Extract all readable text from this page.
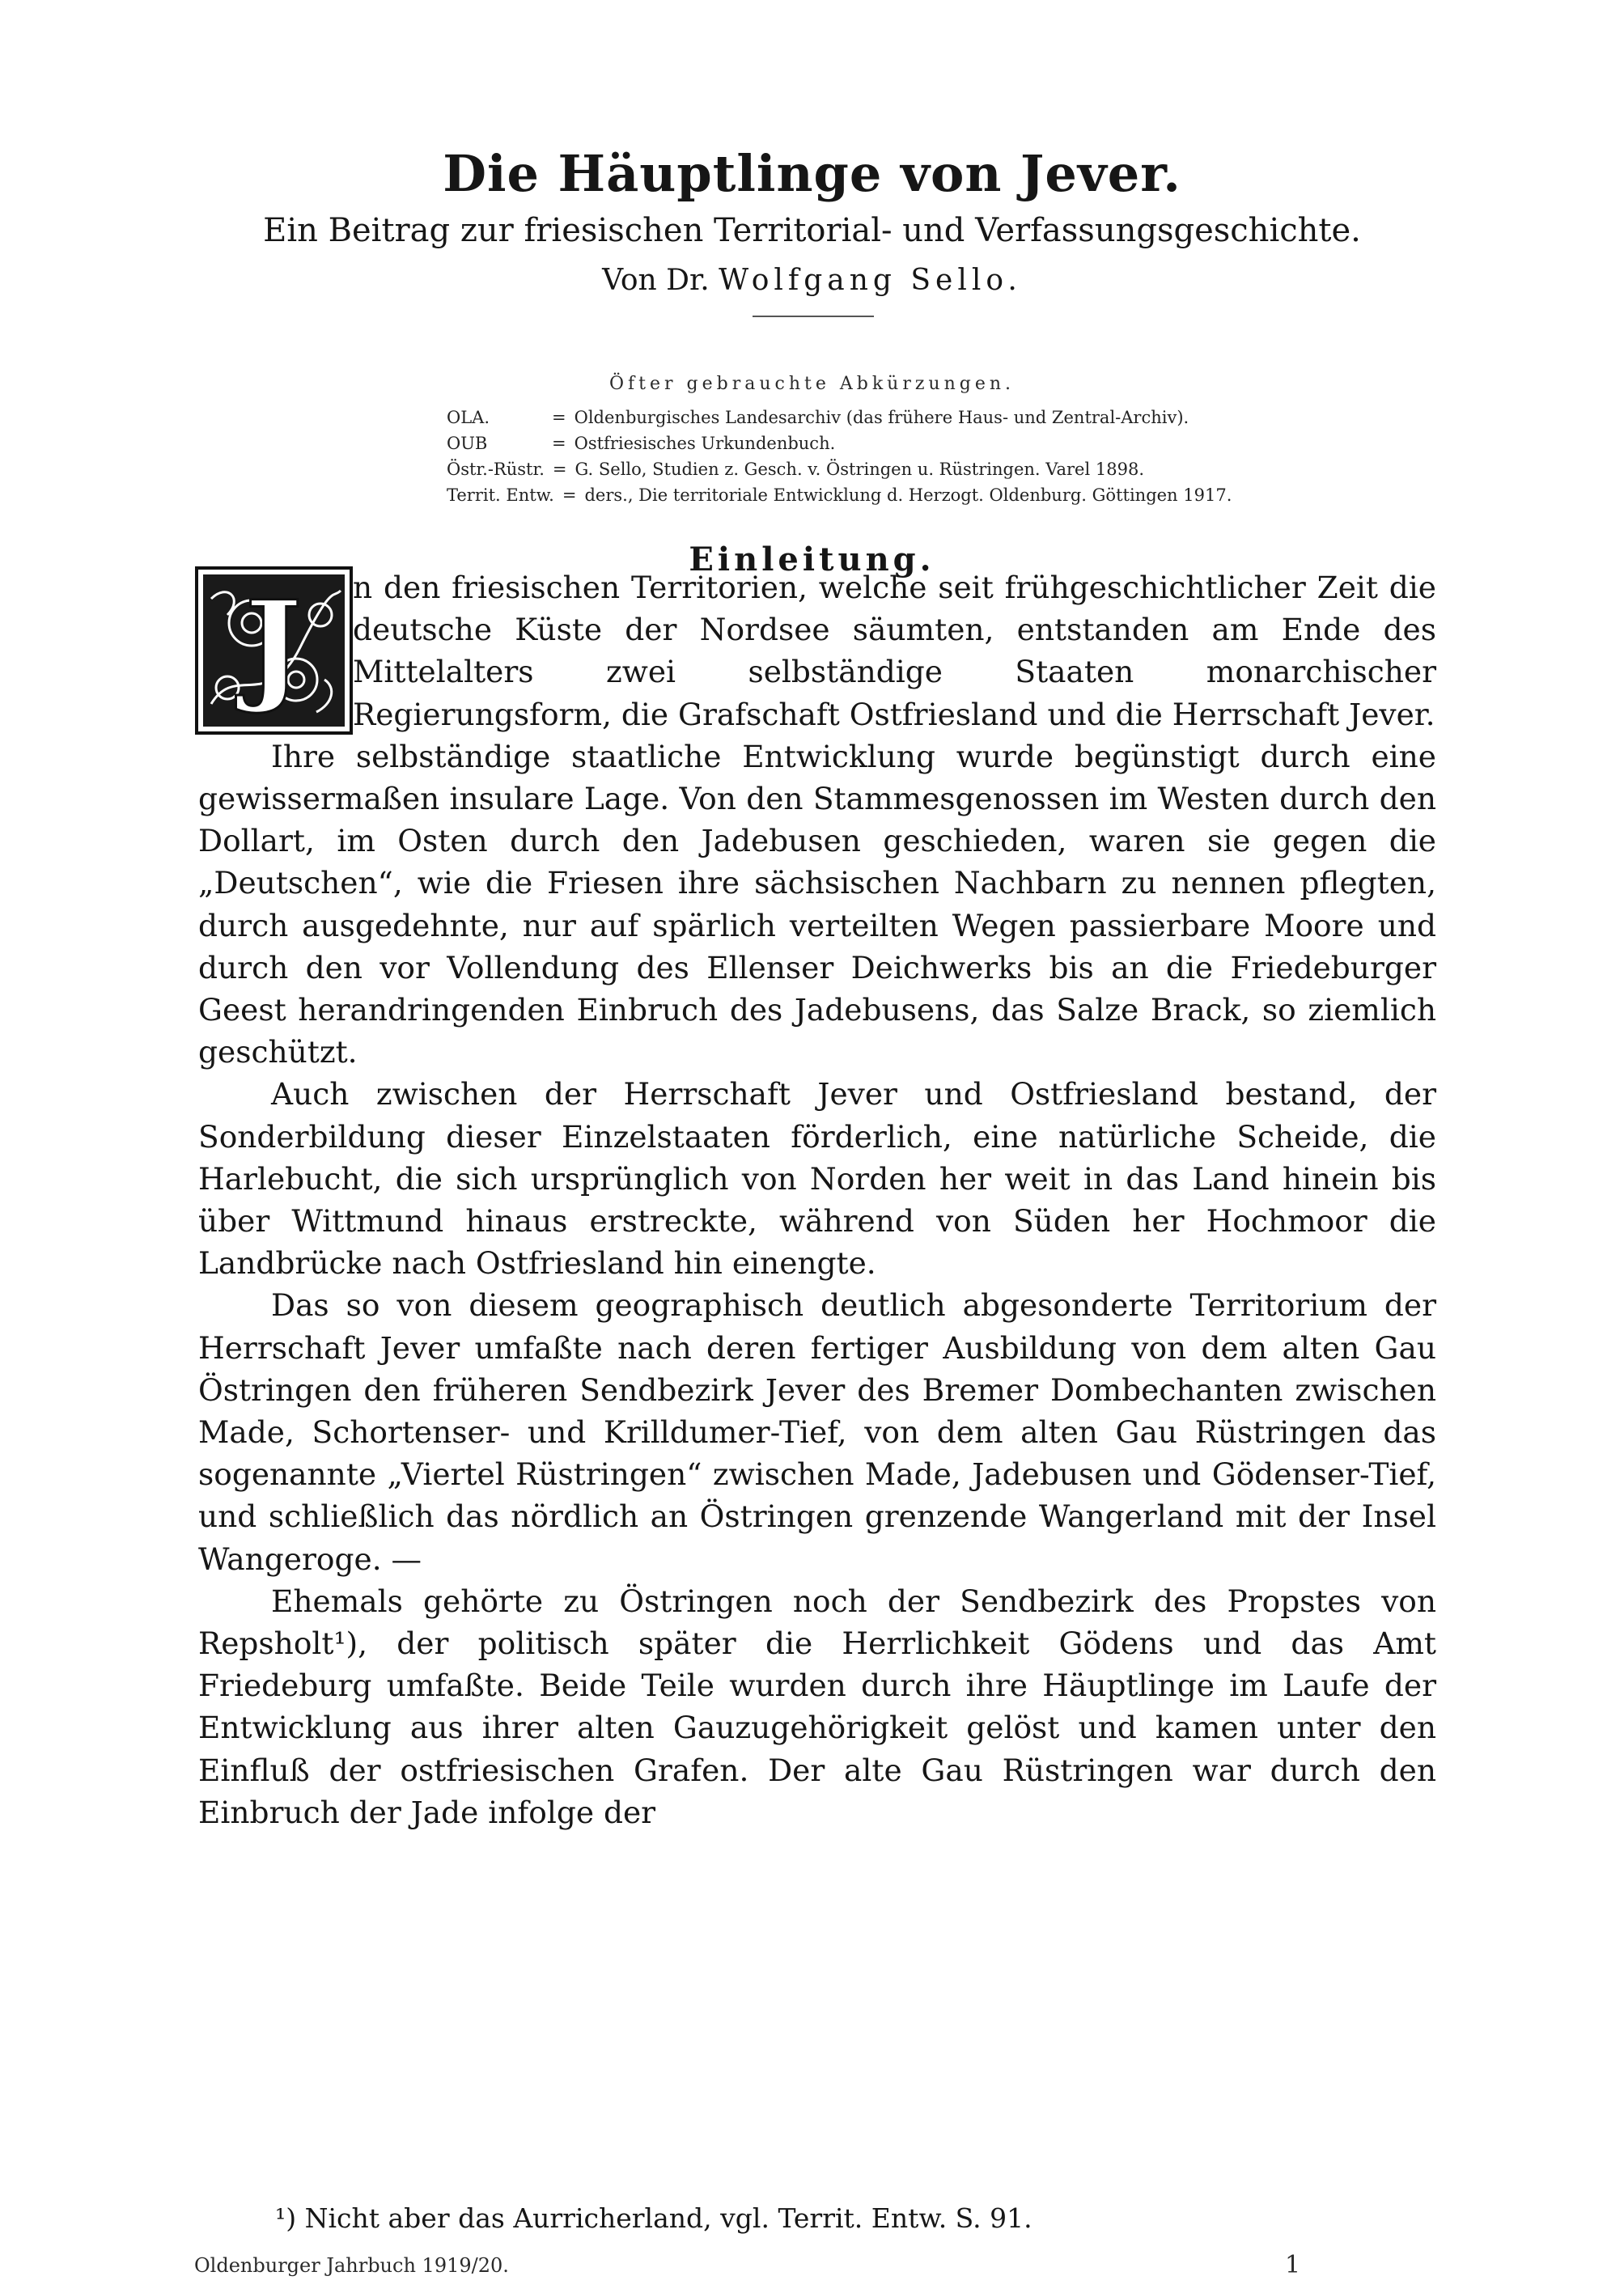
Die Häuptlinge von Jever.
Ein Beitrag zur friesischen Territorial- und Verfassungsgeschichte.
Von Dr. Wolfgang Sello.
Öfter gebrauchte Abkürzungen.
OLA.	= Oldenburgisches Landesarchiv (das frühere Haus- und Zentral-Archiv).
OUB	= Ostfriesisches Urkundenbuch.
Östr.-Rüstr. = G. Sello, Studien z. Gesch. v. Östringen u. Rüstringen. Varel 1898.
Territ. Entw. = ders., Die territoriale Entwicklung d. Herzogt. Oldenburg. Göttingen 1917.
Einleitung.

J n den friesischen Territorien, welche seit frühgeschichtlicher Zeit die deutsche Küste der Nordsee säumten, entstanden am Ende des Mittelalters zwei selbständige Staaten monarchischer Regierungsform, die Grafschaft Ostfriesland und die Herrschaft Jever.

Ihre selbständige staatliche Entwicklung wurde begünstigt durch eine gewissermaßen insulare Lage. Von den Stammesgenossen im Westen durch den Dollart, im Osten durch den Jadebusen geschieden, waren sie gegen die „Deutschen“, wie die Friesen ihre sächsischen Nachbarn zu nennen pflegten, durch ausgedehnte, nur auf spärlich verteilten Wegen passierbare Moore und durch den vor Vollendung des Ellenser Deichwerks bis an die Friedeburger Geest herandringenden Einbruch des Jadebusens, das Salze Brack, so ziemlich geschützt.

Auch zwischen der Herrschaft Jever und Ostfriesland bestand, der Sonderbildung dieser Einzelstaaten förderlich, eine natürliche Scheide, die Harlebucht, die sich ursprünglich von Norden her weit in das Land hinein bis über Wittmund hinaus erstreckte, während von Süden her Hochmoor die Landbrücke nach Ostfriesland hin einengte.

Das so von diesem geographisch deutlich abgesonderte Territorium der Herrschaft Jever umfaßte nach deren fertiger Ausbildung von dem alten Gau Östringen den früheren Sendbezirk Jever des Bremer Dombechanten zwischen Made, Schortenser- und Krilldumer-Tief, von dem alten Gau Rüstringen das sogenannte „Viertel Rüstringen“ zwischen Made, Jadebusen und Gödenser-Tief, und schließlich das nördlich an Östringen grenzende Wangerland mit der Insel Wangeroge. —

Ehemals gehörte zu Östringen noch der Sendbezirk des Propstes von Repsholt¹), der politisch später die Herrlichkeit Gödens und das Amt Friedeburg umfaßte. Beide Teile wurden durch ihre Häuptlinge im Laufe der Entwicklung aus ihrer alten Gauzugehörigkeit gelöst und kamen unter den Einfluß der ostfriesischen Grafen. Der alte Gau Rüstringen war durch den Einbruch der Jade infolge der

¹) Nicht aber das Aurricherland, vgl. Territ. Entw. S. 91.
Oldenburger Jahrbuch 1919/20.	1
